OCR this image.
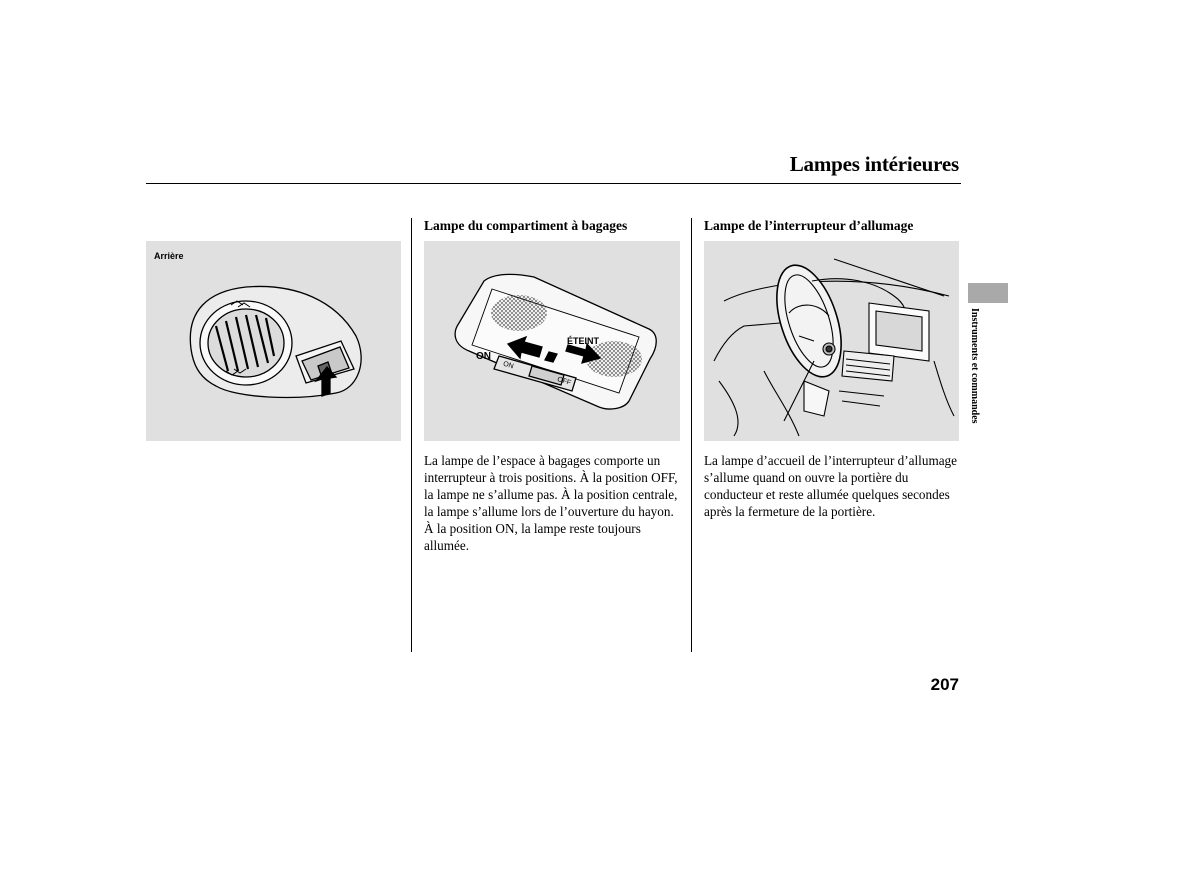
Lampes intérieures
Arrière
Lampe du compartiment à bagages
ON
ÉTEINT
ON
OFF
La lampe de l’espace à bagages comporte un interrupteur à trois positions. À la position OFF, la lampe ne s’allume pas. À la position centrale, la lampe s’allume lors de l’ouverture du hayon. À la position ON, la lampe reste toujours allumée.
Lampe de l’interrupteur d’allumage
La lampe d’accueil de l’interrupteur d’allumage s’allume quand on ouvre la portière du conducteur et reste allumée quelques secondes après la fermeture de la portière.
Instruments et commandes
207
